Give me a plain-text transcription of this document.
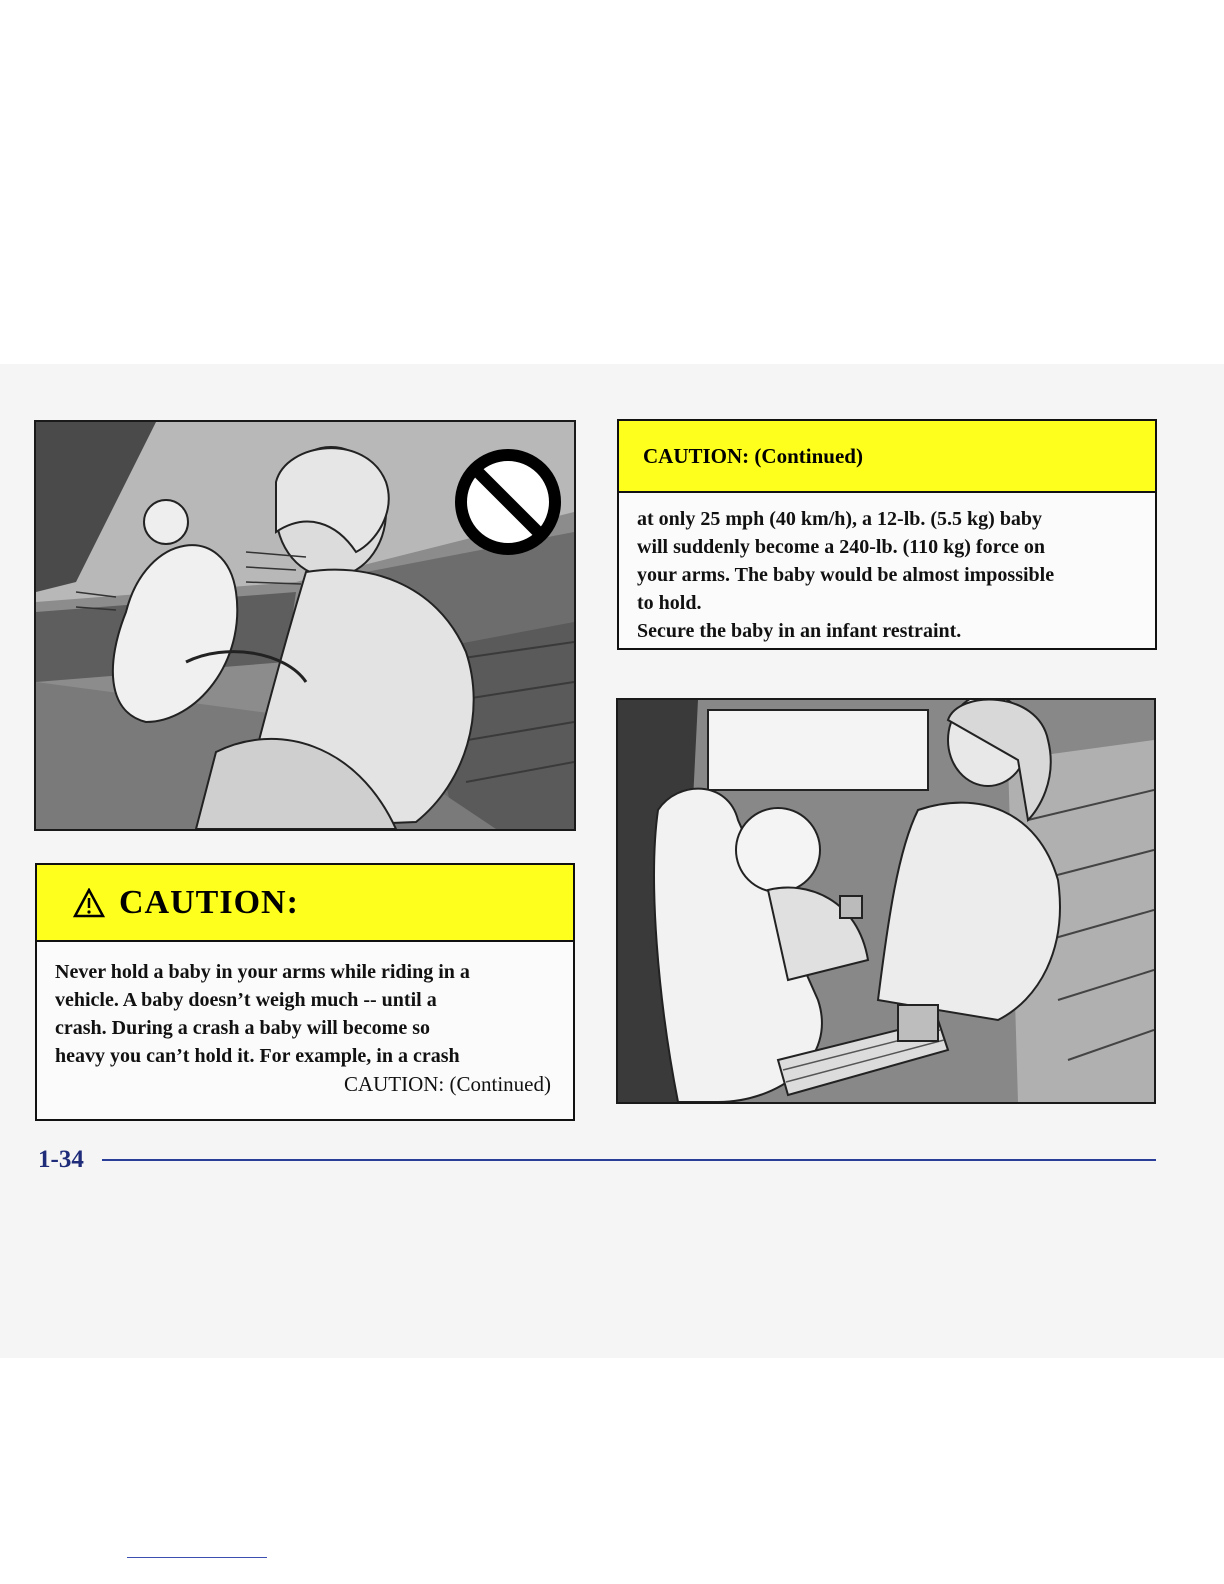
CAUTION:
Never hold a baby in your arms while riding in a
vehicle. A baby doesn’t weigh much -- until a
crash. During a crash a baby will become so
heavy you can’t hold it. For example, in a crash
CAUTION: (Continued)
CAUTION: (Continued)
at only 25 mph (40 km/h), a 12-lb. (5.5 kg) baby
will suddenly become a 240-lb. (110 kg) force on
your arms. The baby would be almost impossible
to hold.
Secure the baby in an infant restraint.
1-34
